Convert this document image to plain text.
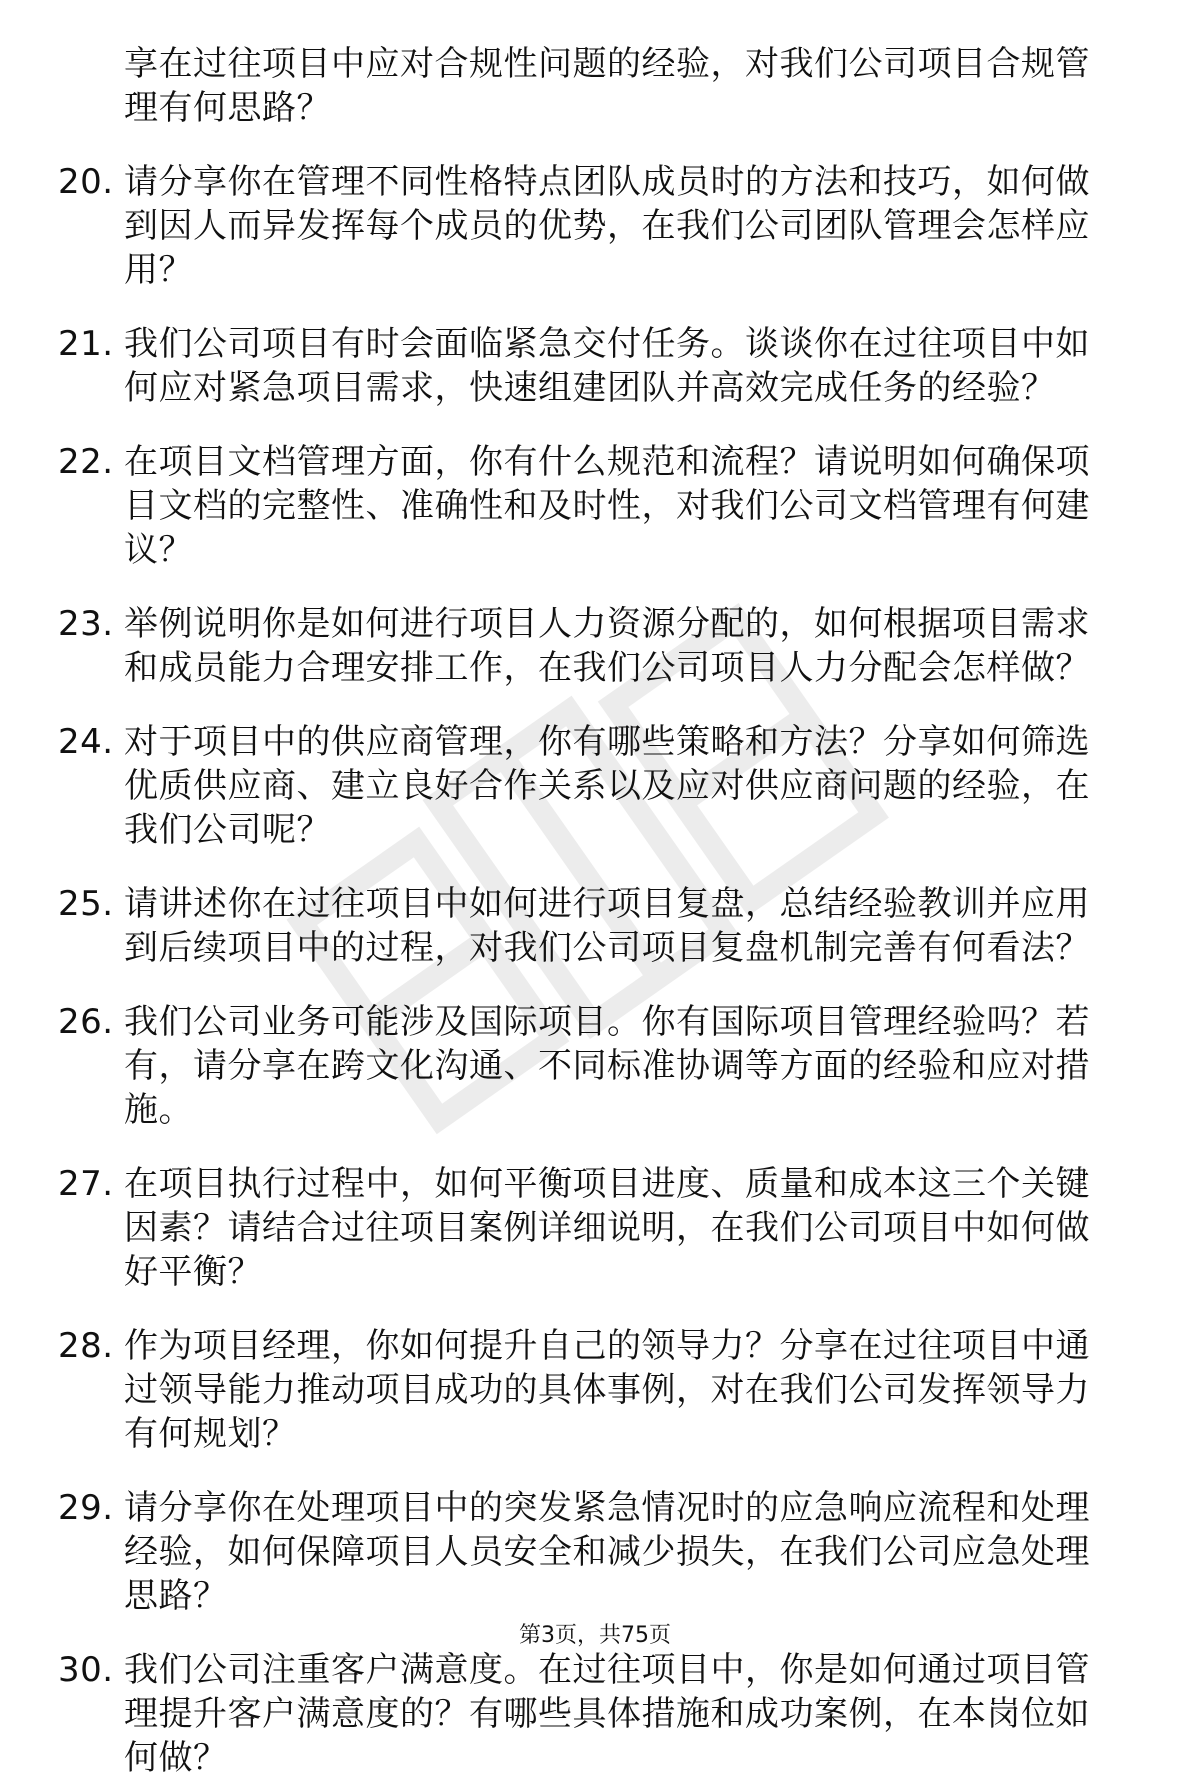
享在过往项目中应对合规性问题的经验，对我们公司项目合规管理有何思路？
20. 请分享你在管理不同性格特点团队成员时的方法和技巧，如何做到因人而异发挥每个成员的优势，在我们公司团队管理会怎样应用？
21. 我们公司项目有时会面临紧急交付任务。谈谈你在过往项目中如何应对紧急项目需求，快速组建团队并高效完成任务的经验？
22. 在项目文档管理方面，你有什么规范和流程？请说明如何确保项目文档的完整性、准确性和及时性，对我们公司文档管理有何建议？
23. 举例说明你是如何进行项目人力资源分配的，如何根据项目需求和成员能力合理安排工作，在我们公司项目人力分配会怎样做？
24. 对于项目中的供应商管理，你有哪些策略和方法？分享如何筛选优质供应商、建立良好合作关系以及应对供应商问题的经验，在我们公司呢？
25. 请讲述你在过往项目中如何进行项目复盘，总结经验教训并应用到后续项目中的过程，对我们公司项目复盘机制完善有何看法？
26. 我们公司业务可能涉及国际项目。你有国际项目管理经验吗？若有，请分享在跨文化沟通、不同标准协调等方面的经验和应对措施。
27. 在项目执行过程中，如何平衡项目进度、质量和成本这三个关键因素？请结合过往项目案例详细说明，在我们公司项目中如何做好平衡？
28. 作为项目经理，你如何提升自己的领导力？分享在过往项目中通过领导能力推动项目成功的具体事例，对在我们公司发挥领导力有何规划？
29. 请分享你在处理项目中的突发紧急情况时的应急响应流程和处理经验，如何保障项目人员安全和减少损失，在我们公司应急处理思路？
30. 我们公司注重客户满意度。在过往项目中，你是如何通过项目管理提升客户满意度的？有哪些具体措施和成功案例，在本岗位如何做？
第3页，共75页
